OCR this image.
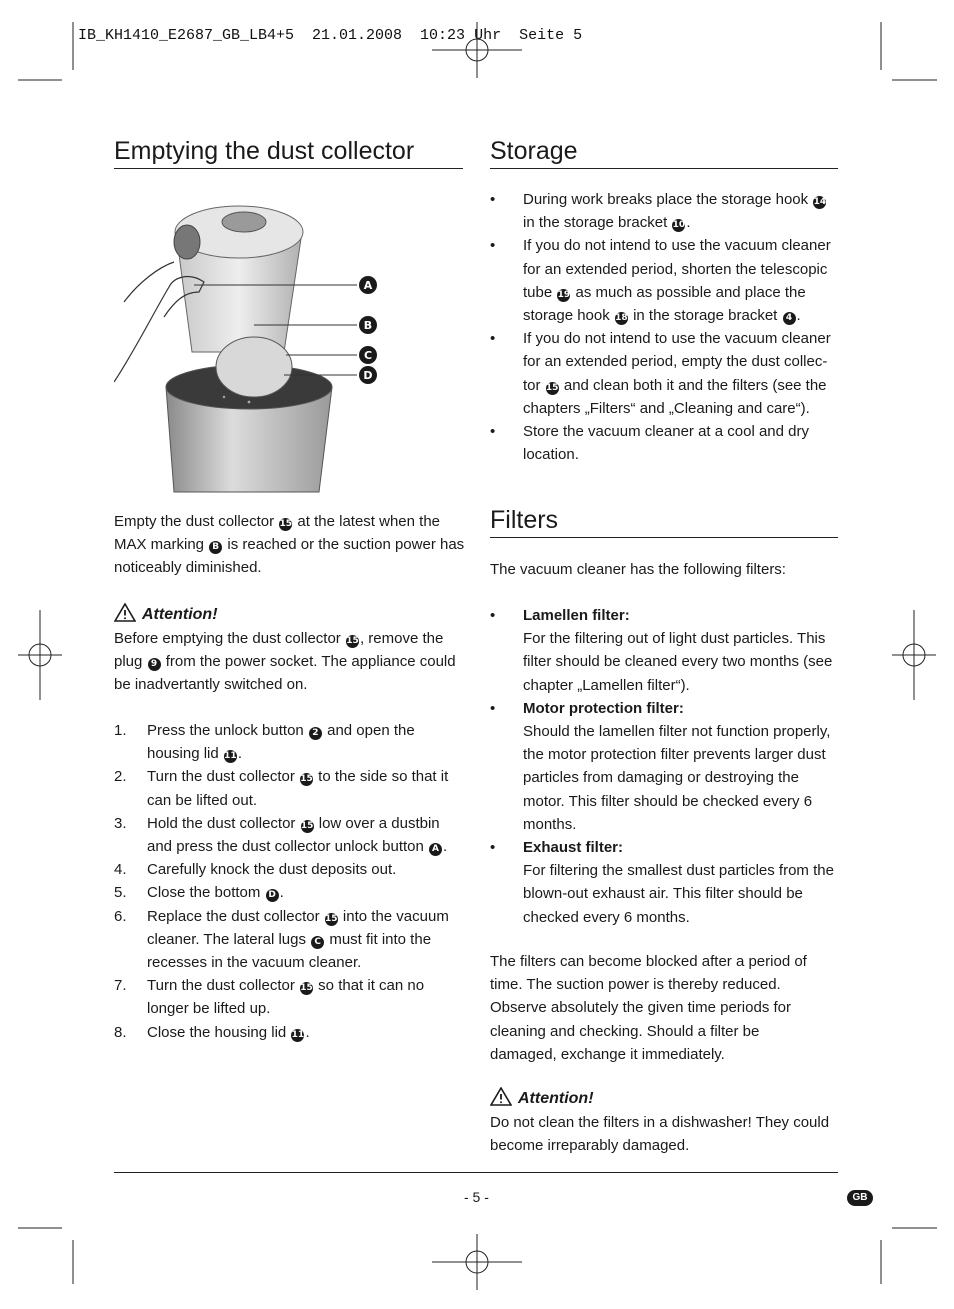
IB_KH1410_E2687_GB_LB4+5  21.01.2008  10:23 Uhr  Seite 5
Emptying the dust collector
A
B
C
D

Empty the dust collector 15 at the latest when the MAX marking B is reached or the suction power has noticeably diminished.

Attention!

Before emptying the dust collector 15, remove the plug 9 from the power socket. The appliance could be inadvertantly switched on.

1. Press the unlock button 2 and open the housing lid 11.
2. Turn the dust collector 15 to the side so that it can be lifted out.
3. Hold the dust collector 15 low over a dustbin and press the dust collector unlock button A .
4. Carefully knock the dust deposits out.
5. Close the bottom D .
6. Replace the dust collector 15 into the vacuum cleaner. The lateral lugs C must fit into the recesses in the vacuum cleaner.
7. Turn the dust collector 15 so that it can no longer be lifted up.
8. Close the housing lid 11.
Storage
• During work breaks place the storage hook 14 in the storage bracket 10.
• If you do not intend to use the vacuum cleaner for an extended period, shorten the telescopic tube 19 as much as possible and place the storage hook 18 in the storage bracket 4 .
• If you do not intend to use the vacuum cleaner for an extended period, empty the dust collec-tor 15 and clean both it and the filters (see the chapters „Filters“ and „Cleaning and care“).
• Store the vacuum cleaner at a cool and dry location.
Filters

The vacuum cleaner has the following filters:

• Lamellen filter:
For the filtering out of light dust particles. This filter should be cleaned every two months (see chapter „Lamellen filter“).
• Motor protection filter:
Should the lamellen filter not function properly, the motor protection filter prevents larger dust particles from damaging or destroying the motor. This filter should be checked every 6 months.
• Exhaust filter:
For filtering the smallest dust particles from the blown-out exhaust air. This filter should be checked every 6 months.

The filters can become blocked after a period of time. The suction power is thereby reduced. Observe absolutely the given time periods for cleaning and checking. Should a filter be damaged, exchange it immediately.

Attention!

Do not clean the filters in a dishwasher! They could become irreparably damaged.

- 5 -	GB
